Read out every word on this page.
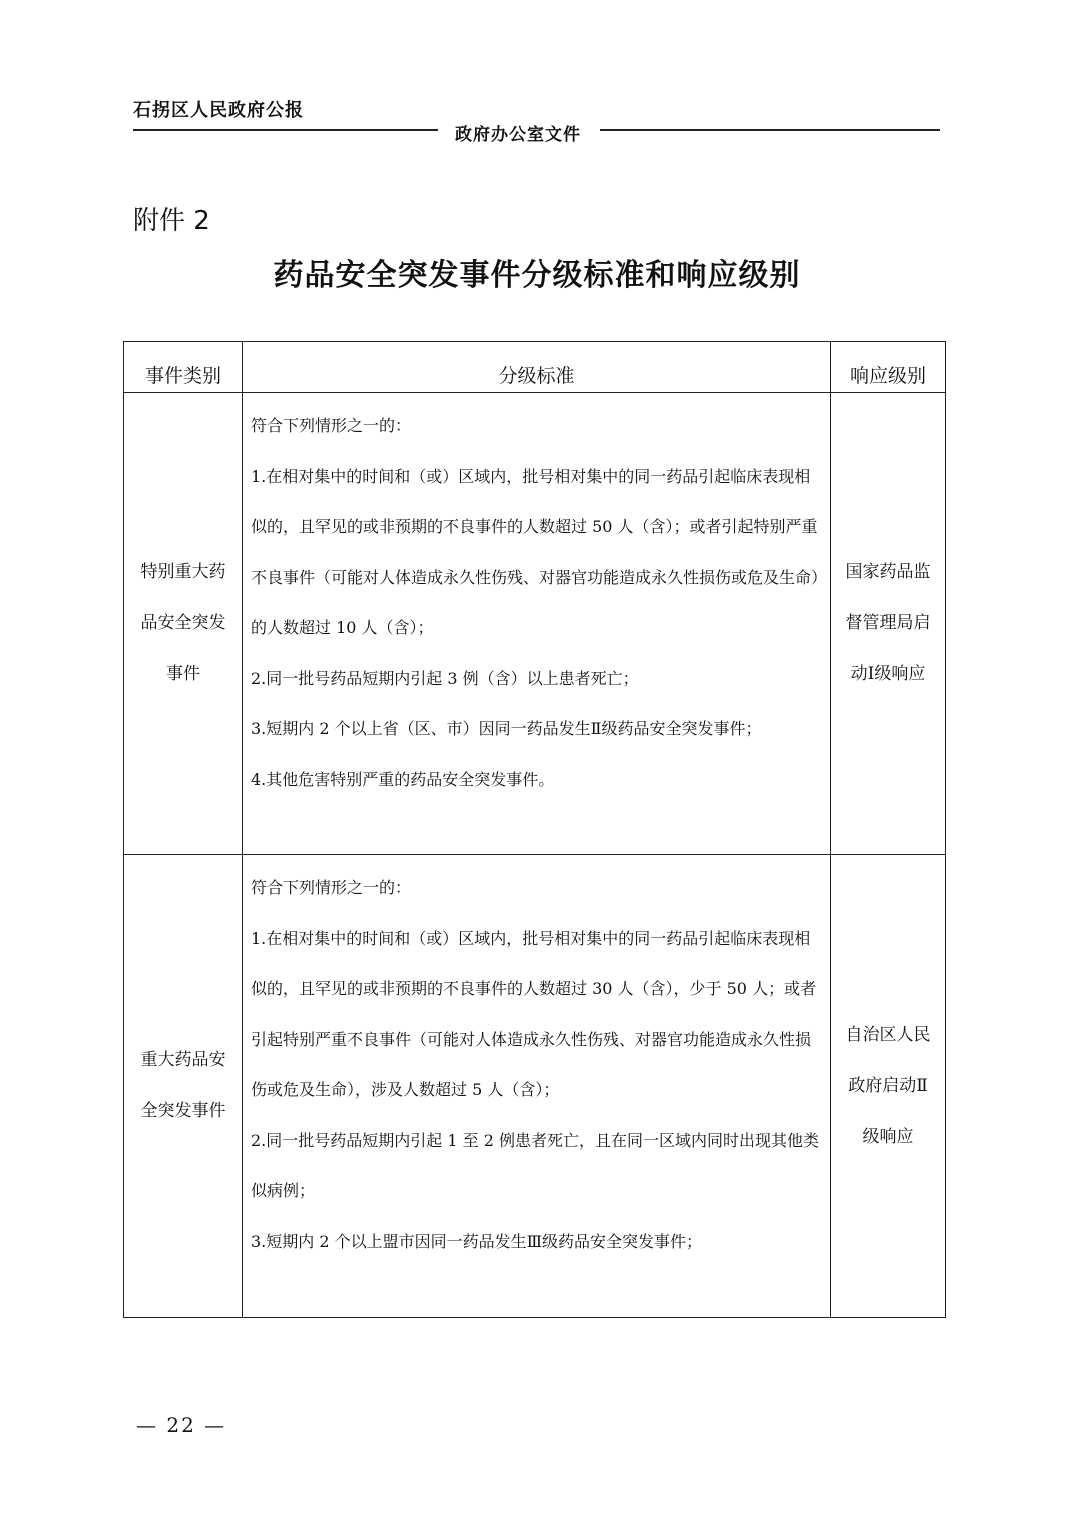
石拐区人民政府公报
政府办公室文件
附件 2
药品安全突发事件分级标准和响应级别
事件类别	分级标准	响应级别
特别重大药品安全突发事件	符合下列情形之一的：
1.在相对集中的时间和（或）区域内，批号相对集中的同一药品引起临床表现相似的，且罕见的或非预期的不良事件的人数超过 50 人（含）；或者引起特别严重不良事件（可能对人体造成永久性伤残、对器官功能造成永久性损伤或危及生命）的人数超过 10 人（含）；
2.同一批号药品短期内引起 3 例（含）以上患者死亡；
3.短期内 2 个以上省（区、市）因同一药品发生Ⅱ级药品安全突发事件；
4.其他危害特别严重的药品安全突发事件。	国家药品监督管理局启动Ⅰ级响应
重大药品安全突发事件	符合下列情形之一的：
1.在相对集中的时间和（或）区域内，批号相对集中的同一药品引起临床表现相似的，且罕见的或非预期的不良事件的人数超过 30 人（含），少于 50 人；或者引起特别严重不良事件（可能对人体造成永久性伤残、对器官功能造成永久性损伤或危及生命），涉及人数超过 5 人（含）；
2.同一批号药品短期内引起 1 至 2 例患者死亡，且在同一区域内同时出现其他类似病例；
3.短期内 2 个以上盟市因同一药品发生Ⅲ级药品安全突发事件；	自治区人民政府启动Ⅱ级响应
— 22 —
